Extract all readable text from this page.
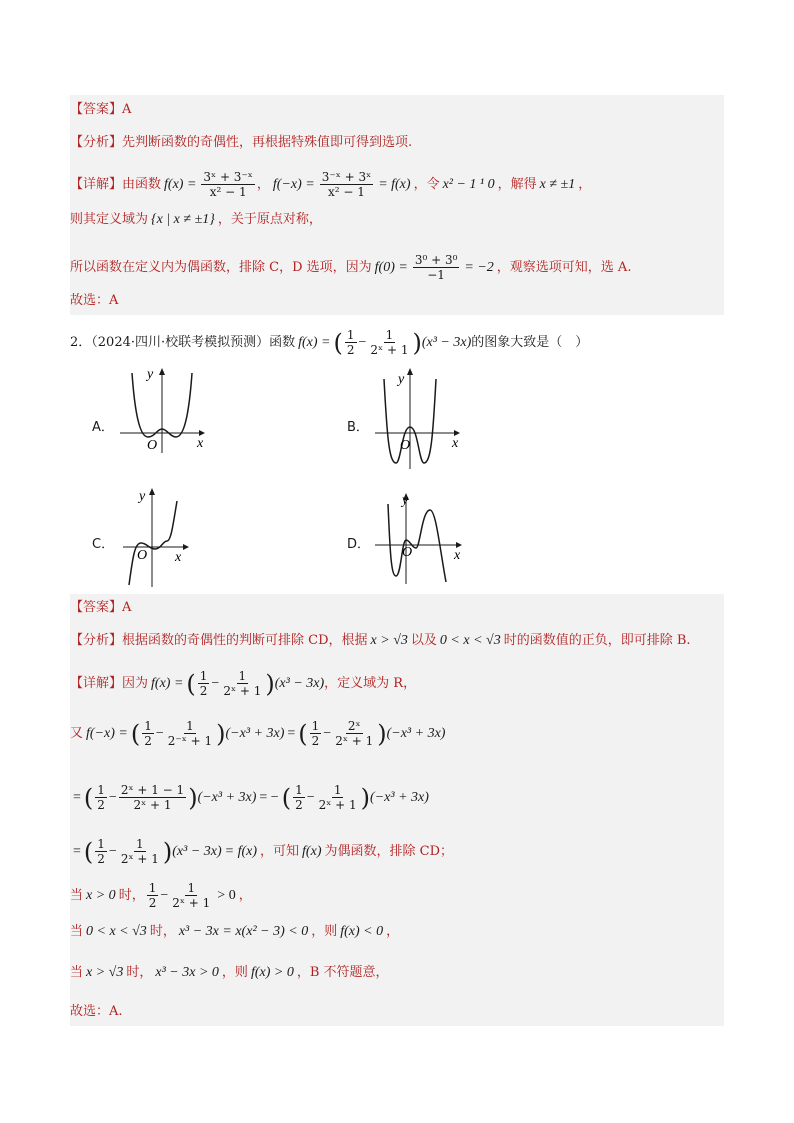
【答案】 A
【分析】 先判断函数的奇偶性，再根据特殊值即可得到选项.
【详解】 由函数 $f(x) = \frac{\text{3ˣ + 3⁻ˣ}}{\text{x² − 1}}$ ， $f(-x) = \frac{\text{3⁻ˣ + 3ˣ}}{\text{x² − 1}} = f(x)$ ，令 x² − 1 ¹ 0 ，解得 x ≠ ±1 ，
则其定义域为 {x | x ≠ ±1} ，关于原点对称，
所以函数在定义内为偶函数，排除 C，D 选项，因为 $f(0) = \frac{\text{3⁰ + 3⁰}}{-1} = -2$ ，观察选项可知，选 A.
故选：A
2．（2024·四川·校联考模拟预测）函数 f(x) = ( $\frac{1}{2} - \frac{1}{\text{2ˣ + 1}}$ ) (x³ − 3x) 的图象大致是（　）
A．
x
y
O
B．
x
y
O
C．
x
y
O
D．
x
y
O
【答案】 A
【分析】 根据函数的奇偶性的判断可排除 CD，根据 x > √3 以及 0 < x < √3 时的函数值的正负，即可排除 B.
【详解】 因为 f(x) = ( $\frac{1}{2} - \frac{1}{\text{2ˣ + 1}}$ ) (x³ − 3x) ，定义域为 R，
又 f(−x) = ( $\frac{1}{2} - \frac{1}{\text{2⁻ˣ + 1}}$ ) (−x³ + 3x) = ( $\frac{1}{2} - \frac{\text{2ˣ}}{\text{2ˣ + 1}}$ ) (−x³ + 3x)
= ( $\frac{1}{2} - \frac{\text{2ˣ + 1 − 1}}{\text{2ˣ + 1}}$ ) (−x³ + 3x) = − ( $\frac{1}{2} - \frac{1}{\text{2ˣ + 1}}$ ) (−x³ + 3x)
= ( $\frac{1}{2} - \frac{1}{\text{2ˣ + 1}}$ ) (x³ − 3x) = f(x) ，可知 f(x) 为偶函数，排除 CD；
当 x > 0 时， $\frac{1}{2} - \frac{1}{\text{2ˣ + 1}} > 0$ ，
当 0 < x < √3 时， x³ − 3x = x(x² − 3) < 0 ，则 f(x) < 0 ，
当 x > √3 时， x³ − 3x > 0 ，则 f(x) > 0 ，B 不符题意，
故选：A.
